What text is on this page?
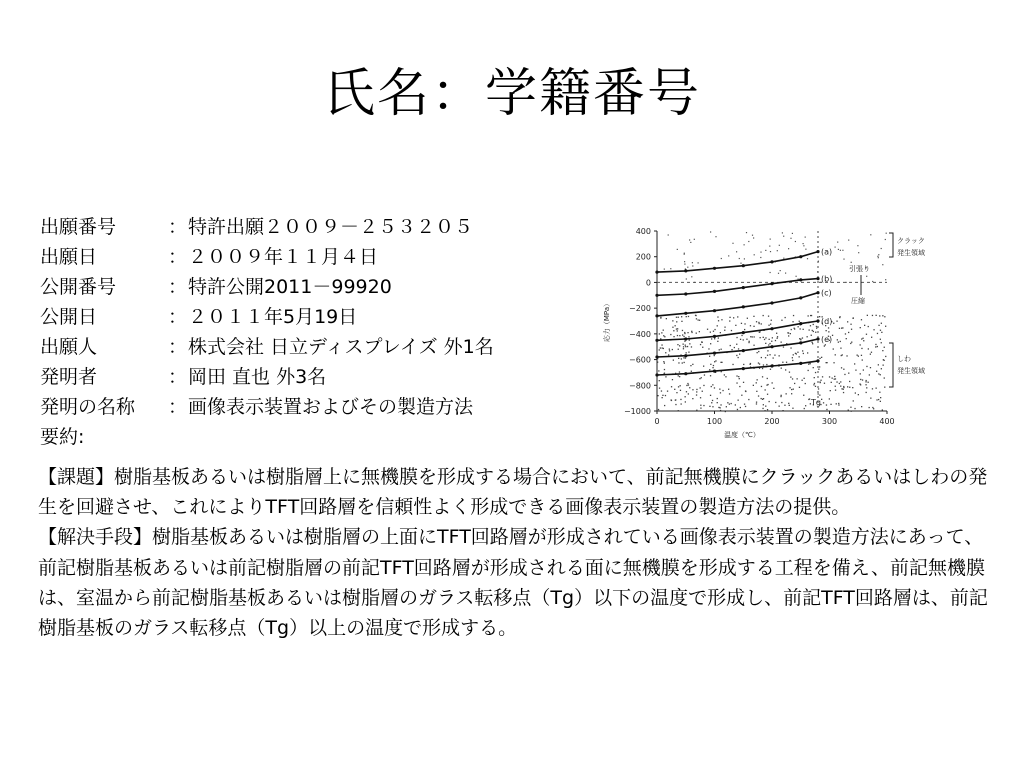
氏名：学籍番号
出願番号	：特許出願２００９－２５３２０５
出願日	：２００９年１１月４日
公開番号	：特許公開2011－99920
公開日	：２０１１年5月19日
出願人	：株式会社 日立ディスプレイズ 外1名
発明者	：岡田 直也 外3名
発明の名称 ：画像表示装置およびその製造方法
要約:

【課題】樹脂基板あるいは樹脂層上に無機膜を形成する場合において、前記無機膜にクラックあるいはしわの発生を回避させ、これによりTFT回路層を信頼性よく形成できる画像表示装置の製造方法の提供。

【解決手段】樹脂基板あるいは樹脂層の上面にTFT回路層が形成されている画像表示装置の製造方法にあって、前記樹脂基板あるいは前記樹脂層の前記TFT回路層が形成される面に無機膜を形成する工程を備え、前記無機膜は、室温から前記樹脂基板あるいは樹脂層のガラス転移点（Tg）以下の温度で形成し、前記TFT回路層は、前記樹脂基板のガラス転移点（Tg）以上の温度で形成する。

400
200
0
−200
−400
−600
−800
−1000
0	100	200	300	400
Tg
(a)
(b)
(c)
(d)
(e)
応力（MPa）
温度（℃）
クラック
発生領域
しわ
発生領域
引張り
圧縮
